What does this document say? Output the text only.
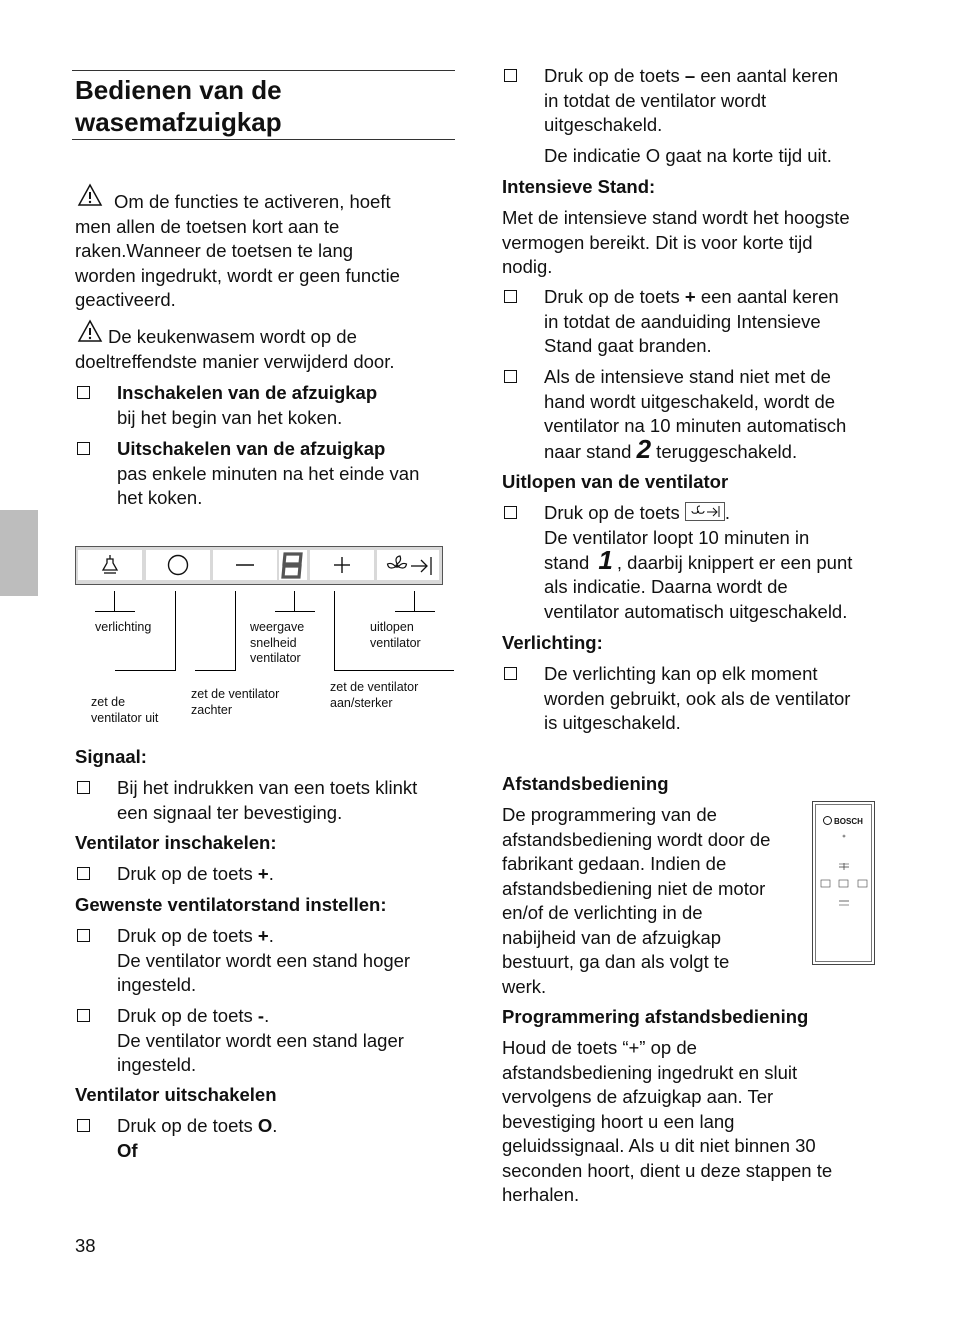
Bedienen van de
wasemafzuigkap
Om de functies te activeren, hoeft
men allen de toetsen kort aan te
raken.Wanneer de toetsen te lang
worden ingedrukt, wordt er geen functie
geactiveerd.
De keukenwasem wordt op de
doeltreffendste manier verwijderd door.
Inschakelen van de afzuigkap
bij het begin van het koken.
Uitschakelen van de afzuigkap
pas enkele minuten na het einde van
het koken.
verlichting	weergave
snelheid
ventilator
uitlopen
ventilator
zet de
ventilator uit
zet de ventilator
zachter
zet de ventilator
aan/sterker
Signaal:
Bij het indrukken van een toets klinkt
een signaal ter bevestiging.
Ventilator inschakelen:
Druk op de toets +.
Gewenste ventilatorstand instellen:
Druk op de toets +.
De ventilator wordt een stand hoger
ingesteld.
Druk op de toets -.
De ventilator wordt een stand lager
ingesteld.
Ventilator uitschakelen
Druk op de toets O.
Of
38
Druk op de toets – een aantal keren
in totdat de ventilator wordt
uitgeschakeld.
De indicatie O gaat na korte tijd uit.
Intensieve Stand:
Met de intensieve stand wordt het hoogste
vermogen bereikt. Dit is voor korte tijd
nodig.
Druk op de toets + een aantal keren
in totdat de aanduiding Intensieve
Stand gaat branden.
Als de intensieve stand niet met de
hand wordt uitgeschakeld, wordt de
ventilator na 10 minuten automatisch
naar stand 2 teruggeschakeld.
Uitlopen van de ventilator
Druk op de toets
.
De ventilator loopt 10 minuten in
stand 1 , daarbij knippert er een punt
als indicatie. Daarna wordt de
ventilator automatisch uitgeschakeld.
Verlichting:
De verlichting kan op elk moment
worden gebruikt, ook als de ventilator
is uitgeschakeld.
Afstandsbediening
De programmering van de
afstandsbediening wordt door de
fabrikant gedaan. Indien de
afstandsbediening niet de motor
en/of de verlichting in de
nabijheid van de afzuigkap
bestuurt, ga dan als volgt te
werk.
BOSCH
Programmering afstandsbediening
Houd de toets “+” op de
afstandsbediening ingedrukt en sluit
vervolgens de afzuigkap aan. Ter
bevestiging hoort u een lang
geluidssignaal. Als u dit niet binnen 30
seconden hoort, dient u deze stappen te
herhalen.
